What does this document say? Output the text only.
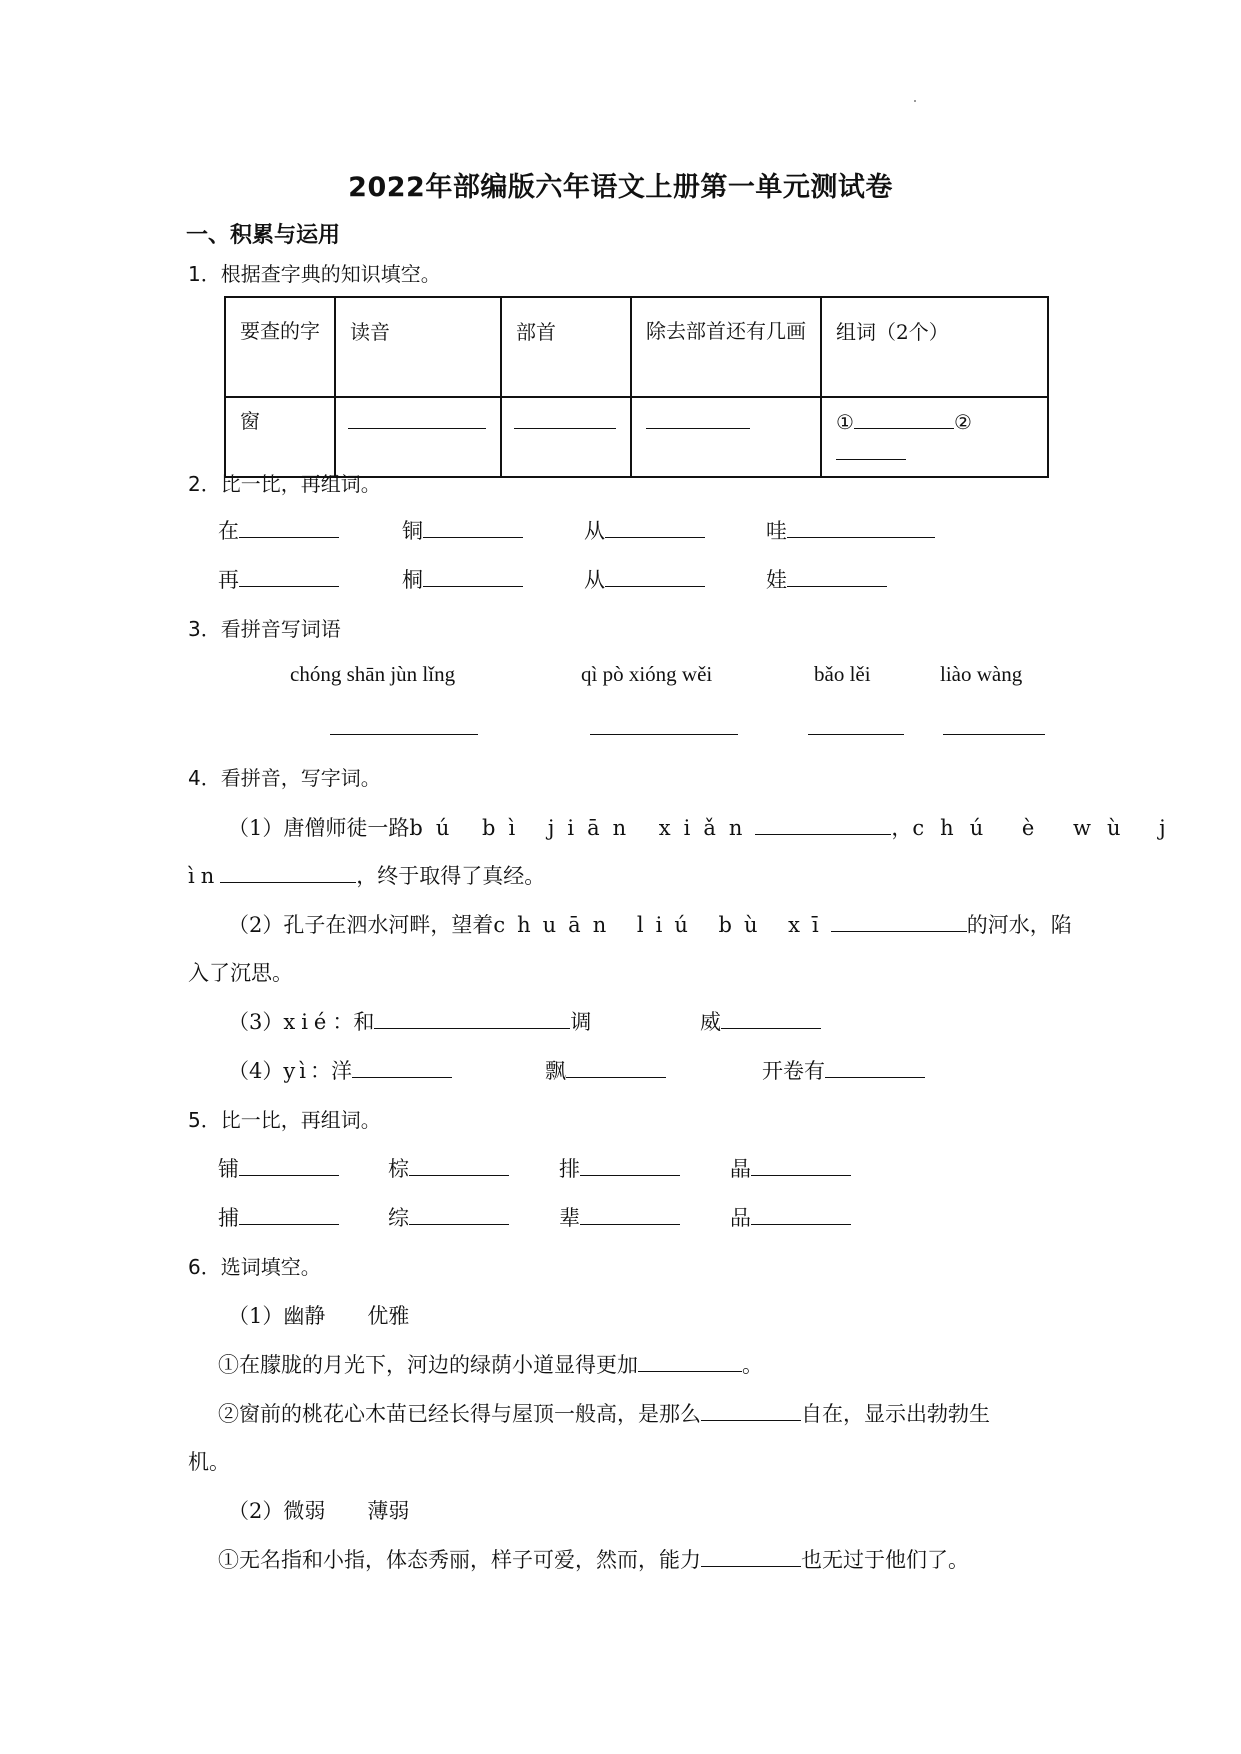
2022年部编版六年语文上册第一单元测试卷
一、积累与运用
1．根据查字典的知识填空。
要查的字	读音	部首	除去部首还有几画	组词（2个）
窗				① ②
2．比一比，再组词。
在	铜	从	哇
再	桐	从	娃
3．看拼音写词语
chóng shān jùn lǐng	qì pò xióng wěi	bǎo lěi	liào wàng
4．看拼音，写字词。
（1）唐僧师徒一路bú bì jiān xiǎn	，chú è wù j
ìn	，终于取得了真经。
（2）孔子在泗水河畔，望着chuān liú bù xī	的河水，陷
入了沉思。
（3）xié：和	调	威
（4）yì：洋	飘	开卷有
5．比一比，再组词。
铺	棕	排	晶
捕	综	辈	品
6．选词填空。
（1）幽静　　优雅
①在朦胧的月光下，河边的绿荫小道显得更加	。
②窗前的桃花心木苗已经长得与屋顶一般高，是那么	自在，显示出勃勃生
机。
（2）微弱　　薄弱
①无名指和小指，体态秀丽，样子可爱，然而，能力	也无过于他们了。
